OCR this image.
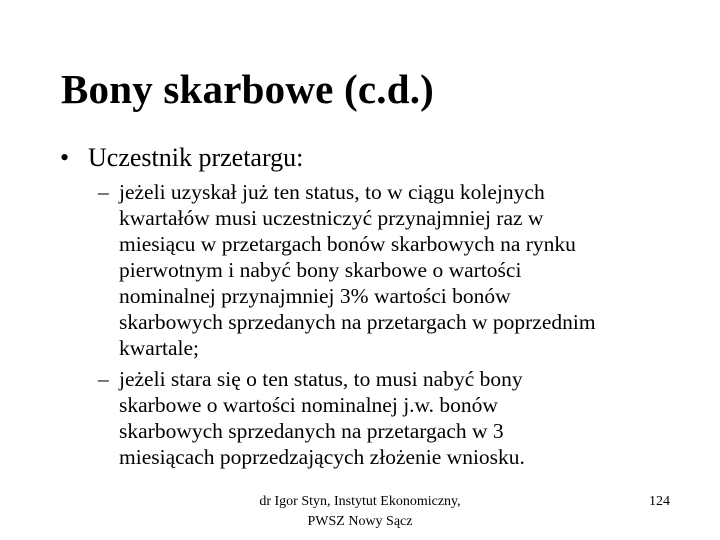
Bony skarbowe (c.d.)
• Uczestnik przetargu:
– jeżeli uzyskał już ten status, to w ciągu kolejnych
kwartałów musi uczestniczyć przynajmniej raz w
miesiącu w przetargach bonów skarbowych na rynku
pierwotnym i nabyć bony skarbowe o wartości
nominalnej przynajmniej 3% wartości bonów
skarbowych sprzedanych na przetargach w poprzednim
kwartale;
– jeżeli stara się o ten status, to musi nabyć bony
skarbowe o wartości nominalnej j.w. bonów
skarbowych sprzedanych na przetargach w 3
miesiącach poprzedzających złożenie wniosku.
dr Igor Styn, Instytut Ekonomiczny,
PWSZ Nowy Sącz
124
